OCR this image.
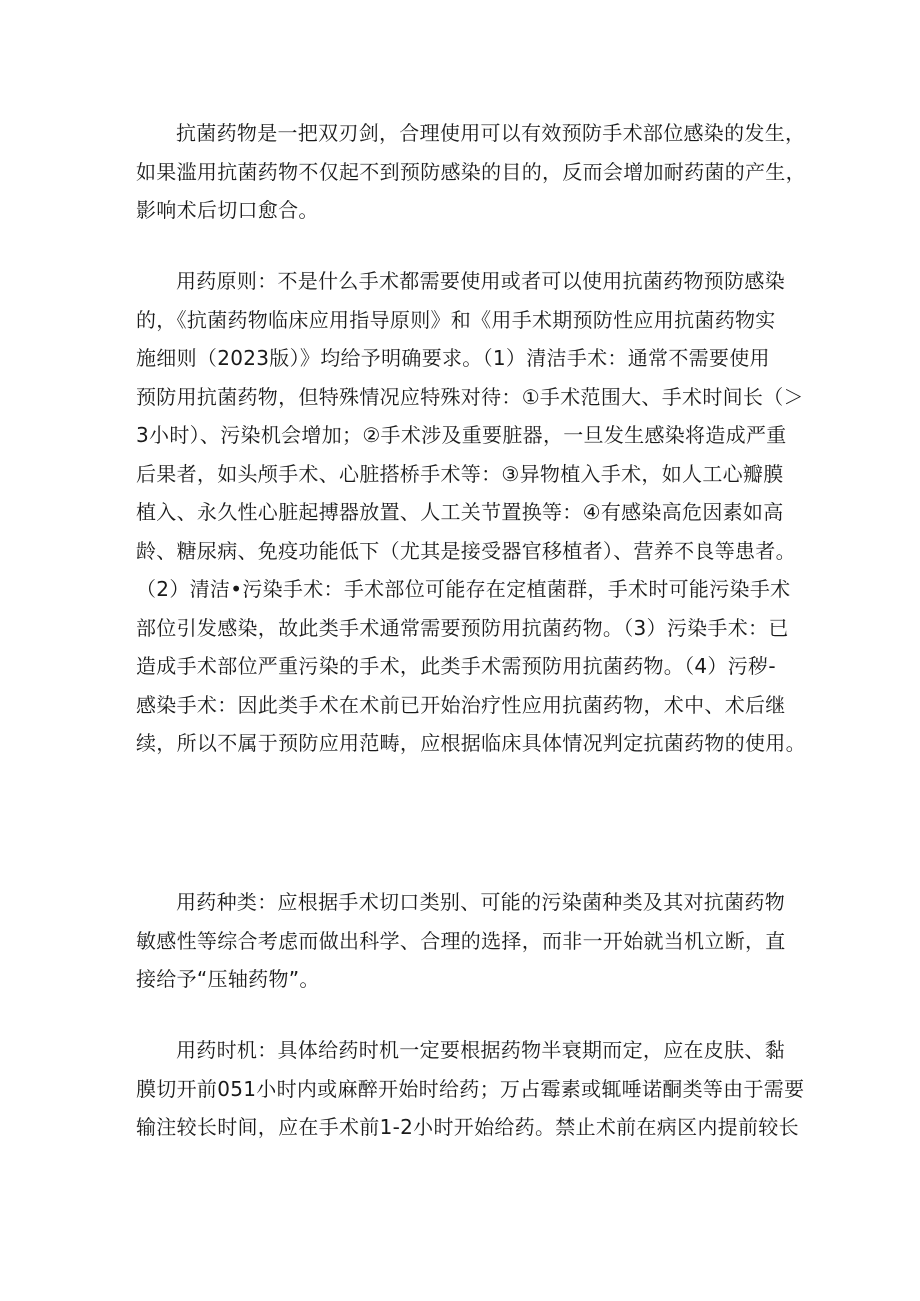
抗菌药物是一把双刃剑，合理使用可以有效预防手术部位感染的发生，
如果滥用抗菌药物不仅起不到预防感染的目的，反而会增加耐药菌的产生，
影响术后切口愈合。
用药原则：不是什么手术都需要使用或者可以使用抗菌药物预防感染
的，《抗菌药物临床应用指导原则》和《用手术期预防性应用抗菌药物实
施细则（2023版）》均给予明确要求。（1）清洁手术：通常不需要使用
预防用抗菌药物，但特殊情况应特殊对待：①手术范围大、手术时间长（＞
3小时）、污染机会增加；②手术涉及重要脏器，一旦发生感染将造成严重
后果者，如头颅手术、心脏搭桥手术等：③异物植入手术，如人工心瓣膜
植入、永久性心脏起搏器放置、人工关节置换等：④有感染高危因素如高
龄、糖尿病、免疫功能低下（尤其是接受器官移植者）、营养不良等患者。
（2）清洁•污染手术：手术部位可能存在定植菌群，手术时可能污染手术
部位引发感染，故此类手术通常需要预防用抗菌药物。（3）污染手术：已
造成手术部位严重污染的手术，此类手术需预防用抗菌药物。（4）污秽-
感染手术：因此类手术在术前已开始治疗性应用抗菌药物，术中、术后继
续，所以不属于预防应用范畴，应根据临床具体情况判定抗菌药物的使用。
用药种类：应根据手术切口类别、可能的污染菌种类及其对抗菌药物
敏感性等综合考虑而做出科学、合理的选择，而非一开始就当机立断，直
接给予“压轴药物”。
用药时机：具体给药时机一定要根据药物半衰期而定，应在皮肤、黏
膜切开前051小时内或麻醉开始时给药；万占霉素或辄唾诺酮类等由于需要
输注较长时间，应在手术前1-2小时开始给药。禁止术前在病区内提前较长
